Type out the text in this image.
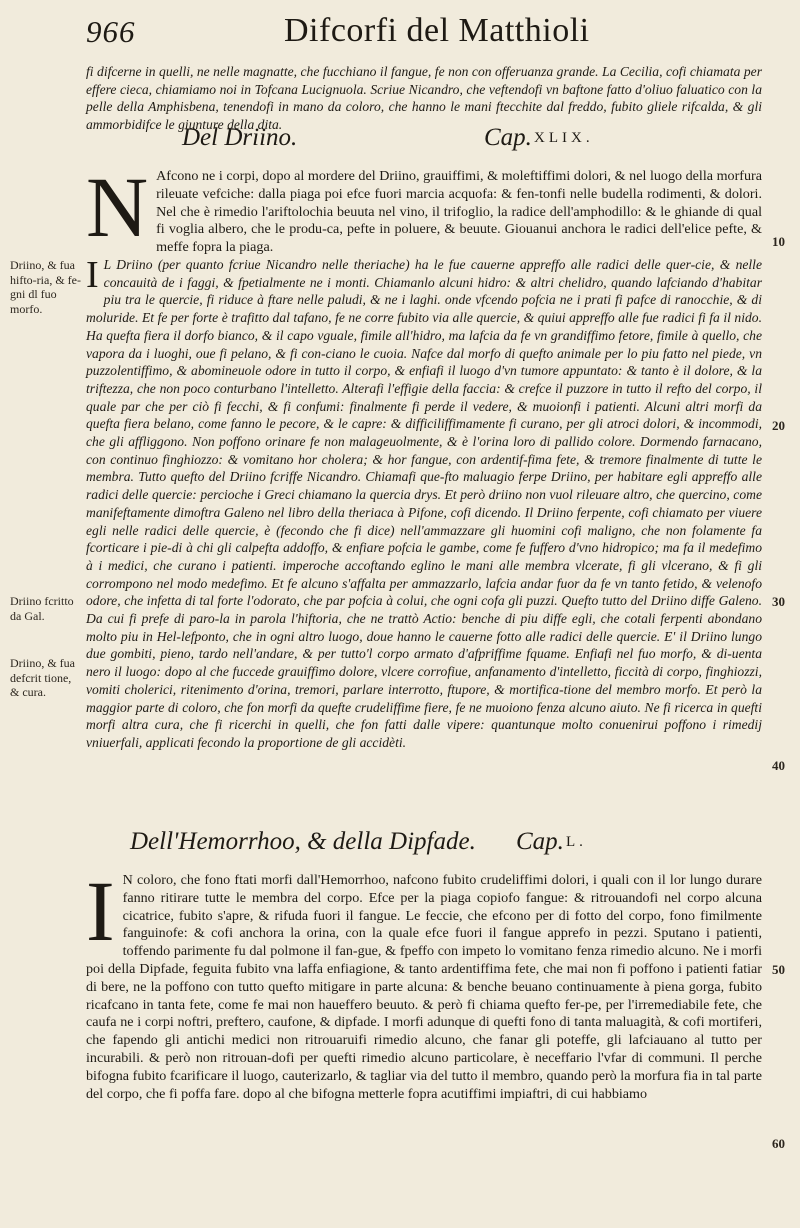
966	Difcorfi del Matthioli

fi difcerne in quelli, ne nelle magnatte, che fucchiano il fangue, fe non con offeruanza grande. La Cecilia, cofi chiamata per effere cieca, chiamiamo noi in Tofcana Lucignuola. Scriue Nicandro, che veftendofi vn baftone fatto d'oliuo faluatico con la pelle della Amphisbena, tenendofi in mano da coloro, che hanno le mani ftecchite dal freddo, fubito gliele rifcalda, & gli ammorbidifce le giunture della dita.

Del Driino.	Cap. XLIX.

N Afcono ne i corpi, dopo al mordere del Driino, grauiffimi, & moleftiffimi dolori, & nel luogo della morfura rileuate vefciche: dalla piaga poi efce fuori marcia acquofa: & fen-tonfi nelle budella rodimenti, & dolori. Nel che è rimedio l'ariftolochia beuuta nel vino, il trifoglio, la radice dell'amphodillo: & le ghiande di qual fi voglia albero, che le produ-ca, pefte in poluere, & beuute. Giouanui anchora le radici dell'elice pefte, & meffe fopra la piaga.

I L Driino (per quanto fcriue Nicandro nelle theriache) ha le fue cauerne appreffo alle radici delle quer-cie, & nelle concauità de i faggi, & fpetialmente ne i monti. Chiamanlo alcuni hidro: & altri chelidro, quando lafciando d'habitar piu tra le quercie, fi riduce à ftare nelle paludi, & ne i laghi. onde vfcendo pofcia ne i prati fi pafce di ranocchie, & di moluride. Et fe per forte è trafitto dal tafano, fe ne corre fubito via alle quercie, & quiui appreffo alle fue radici fi fa il nido. Ha quefta fiera il dorfo bianco, & il capo vguale, fimile all'hidro, ma lafcia da fe vn grandiffimo fetore, fimile à quello, che vapora da i luoghi, oue fi pelano, & fi con-ciano le cuoia. Nafce dal morfo di quefto animale per lo piu fatto nel piede, vn puzzolentiffimo, & abomineuole odore in tutto il corpo, & enfiafi il luogo d'vn tumore appuntato: & tanto è il dolore, & la triftezza, che non poco conturbano l'intelletto. Alterafi l'effigie della faccia: & crefce il puzzore in tutto il refto del corpo, il quale par che per ciò fi fecchi, & fi confumi: finalmente fi perde il vedere, & muoionfi i patienti. Alcuni altri morfi da quefta fiera belano, come fanno le pecore, & le capre: & difficiliffimamente fi curano, per gli atroci dolori, & incommodi, che gli affliggono. Non poffono orinare fe non malageuolmente, & è l'orina loro di pallido colore. Dormendo farnacano, con continuo finghiozzo: & vomitano hor cholera; & hor fangue, con ardentif-fima fete, & tremore finalmente di tutte le membra. Tutto quefto del Driino fcriffe Nicandro. Chiamafi que-fto maluagio ferpe Driino, per habitare egli appreffo alle radici delle quercie: percioche i Greci chiamano la quercia drys. Et però driino non vuol rileuare altro, che quercino, come manifeftamente dimoftra Galeno nel libro della theriaca à Pifone, cofi dicendo. Il Driino ferpente, cofi chiamato per viuere egli nelle radici delle quercie, è (fecondo che fi dice) nell'ammazzare gli huomini cofi maligno, che non folamente fa fcorticare i pie-di à chi gli calpefta addoffo, & enfiare pofcia le gambe, come fe fuffero d'vno hidropico; ma fa il medefimo à i medici, che curano i patienti. imperoche accoftando eglino le mani alle membra vlcerate, fi gli vlcerano, & fi gli corrompono nel modo medefimo. Et fe alcuno s'affalta per ammazzarlo, lafcia andar fuor da fe vn tanto fetido, & velenofo odore, che infetta di tal forte l'odorato, che par pofcia à colui, che ogni cofa gli puzzi. Quefto tutto del Driino diffe Galeno. Da cui fi prefe di paro-la in parola l'hiftoria, che ne trattò Actio: benche di piu diffe egli, che cotali ferpenti abondano molto piu in Hel-lefponto, che in ogni altro luogo, doue hanno le cauerne fotto alle radici delle quercie. E' il Driino lungo due gombiti, pieno, tardo nell'andare, & per tutto'l corpo armato d'afpriffime fquame. Enfiafi nel fuo morfo, & di-uenta nero il luogo: dopo al che fuccede grauiffimo dolore, vlcere corrofiue, anfanamento d'intelletto, ficcità di corpo, finghiozzi, vomiti cholerici, ritenimento d'orina, tremori, parlare interrotto, ftupore, & mortifica-tione del membro morfo. Et però la maggior parte di coloro, che fon morfi da quefte crudeliffime fiere, fe ne muoiono fenza alcuno aiuto. Ne fi ricerca in quefti morfi altra cura, che fi ricerchi in quelli, che fon fatti dalle vipere: quantunque molto conuenirui poffono i rimedij vniuerfali, applicati fecondo la proportione de gli accidèti.

Dell'Hemorrhoo, & della Dipfade. Cap. L.

I N coloro, che fono ftati morfi dall'Hemorrhoo, nafcono fubito crudeliffimi dolori, i quali con il lor lungo durare fanno ritirare tutte le membra del corpo. Efce per la piaga copiofo fangue: & ritrouandofi nel corpo alcuna cicatrice, fubito s'apre, & rifuda fuori il fangue. Le feccie, che efcono per di fotto del corpo, fono fimilmente fanguinofe: & cofi anchora la orina, con la quale efce fuori il fangue apprefo in pezzi. Sputano i patienti, toffendo parimente fu dal polmone il fan-gue, & fpeffo con impeto lo vomitano fenza rimedio alcuno. Ne i morfi poi della Dipfade, feguita fubito vna laffa enfiagione, & tanto ardentiffima fete, che mai non fi poffono i patienti fatiar di bere, ne la poffono con tutto quefto mitigare in parte alcuna: & benche beuano continuamente à piena gorga, fubito ricafcano in tanta fete, come fe mai non haueffero beuuto. & però fi chiama quefto fer-pe, per l'irremediabile fete, che caufa ne i corpi noftri, preftero, caufone, & dipfade. I morfi adunque di quefti fono di tanta maluagità, & cofi mortiferi, che fapendo gli antichi medici non ritrouaruifi rimedio alcuno, che fanar gli poteffe, gli lafciauano al tutto per incurabili. & però non ritrouan-dofi per quefti rimedio alcuno particolare, è neceffario l'vfar di communi. Il perche bifogna fubito fcarificare il luogo, cauterizarlo, & tagliar via del tutto il membro, quando però la morfura fia in tal parte del corpo, che fi poffa fare. dopo al che bifogna metterle fopra acutiffimi impiaftri, di cui habbiamo

Driino, & fua hifto-ria, & fe-gni dl fuo morfo.
Driino fcritto da Gal.
Driino, & fua defcrit tione, & cura.
10
20
30
40
50
60
